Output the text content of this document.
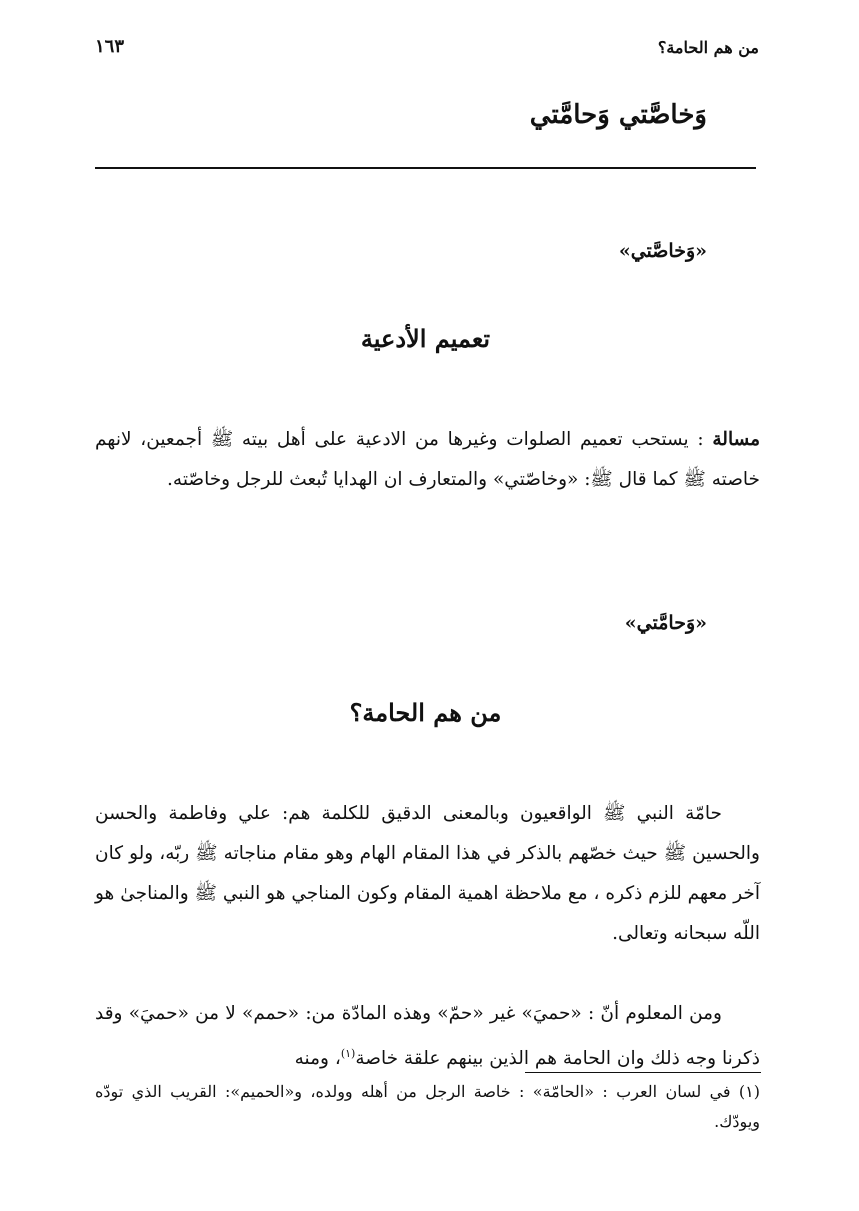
من هم الحامة؟
١٦٣
وَخاصَّتي وَحامَّتي
«وَخاصَّتي»
تعميم الأدعية
مسالة : يستحب تعميم الصلوات وغيرها من الادعية على أهل بيته ﷺ أجمعين، لانهم خاصته ﷺ كما قال ﷺ: «وخاصّتي» والمتعارف ان الهدايا تُبعث للرجل وخاصّته.
«وَحامَّتي»
من هم الحامة؟
حامّة النبي ﷺ الواقعيون وبالمعنى الدقيق للكلمة هم: علي وفاطمة والحسن والحسين ﷺ حيث خصّهم بالذكر في هذا المقام الهام وهو مقام مناجاته ﷺ ربّه، ولو كان آخر معهم للزم ذكره ، مع ملاحظة اهمية المقام وكون المناجي هو النبي ﷺ والمناجىٰ هو اللّه سبحانه وتعالى.
ومن المعلوم أنّ : «حميَ» غير «حمّ» وهذه المادّة من: «حمم» لا من «حميَ» وقد ذكرنا وجه ذلك وان الحامة هم الذين بينهم علقة خاصة$^{(١)}$، ومنه
(١) في لسان العرب : «الحامّة» : خاصة الرجل من أهله وولده، و«الحميم»: القريب الذي تودّه ويودّك.
